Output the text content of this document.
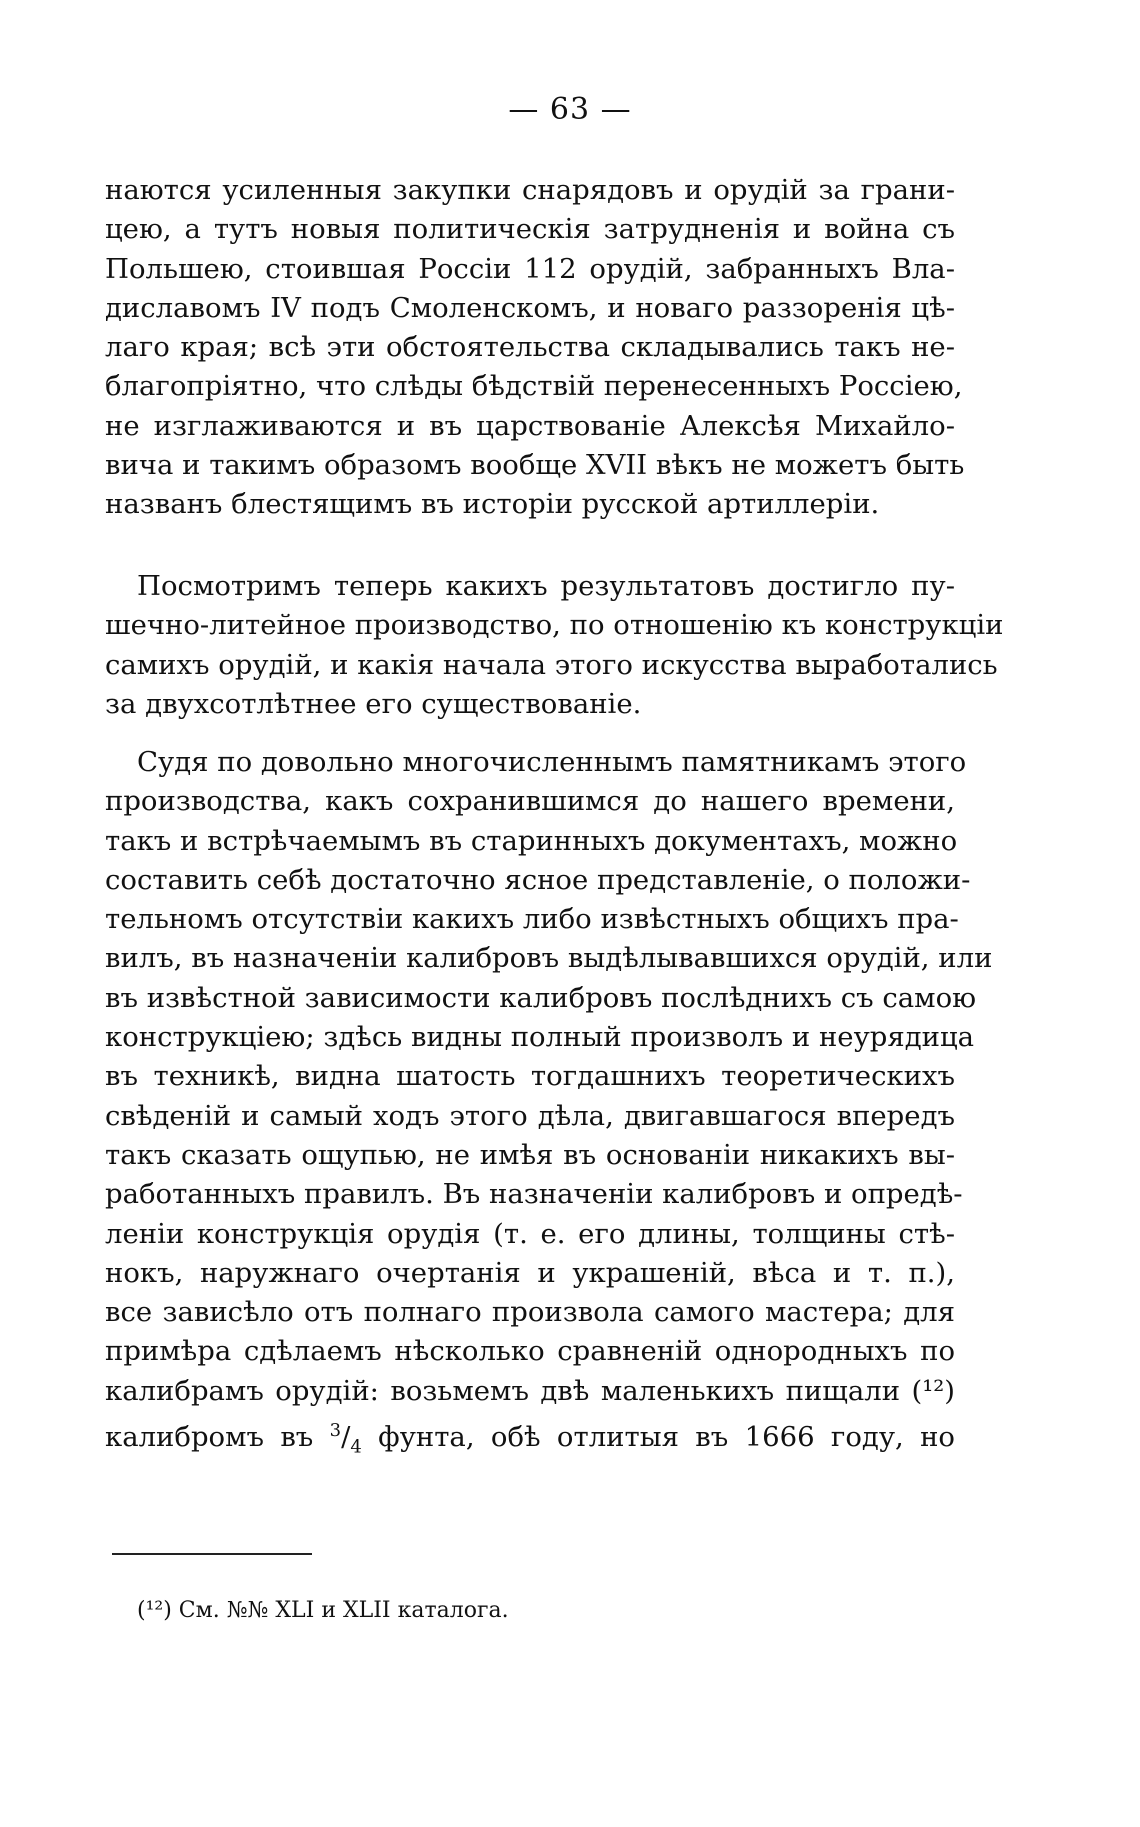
— 63 —
наются усиленныя закупки снарядовъ и орудій за грани-
цею, а тутъ новыя политическія затрудненія и война съ
Польшею, стоившая Россіи 112 орудій, забранныхъ Вла-
диславомъ IV подъ Смоленскомъ, и новаго раззоренія цѣ-
лаго края; всѣ эти обстоятельства складывались такъ не-
благопріятно, что слѣды бѣдствій перенесенныхъ Россіею,
не изглаживаются и въ царствованіе Алексѣя Михайло-
вича и такимъ образомъ вообще XVII вѣкъ не можетъ быть
названъ блестящимъ въ исторіи русской артиллеріи.
Посмотримъ теперь какихъ результатовъ достигло пу-
шечно-литейное производство, по отношенію къ конструкціи
самихъ орудій, и какія начала этого искусства выработались
за двухсотлѣтнее его существованіе.
Судя по довольно многочисленнымъ памятникамъ этого
производства, какъ сохранившимся до нашего времени,
такъ и встрѣчаемымъ въ старинныхъ документахъ, можно
составить себѣ достаточно ясное представленіе, о положи-
тельномъ отсутствіи какихъ либо извѣстныхъ общихъ пра-
вилъ, въ назначеніи калибровъ выдѣлывавшихся орудій, или
въ извѣстной зависимости калибровъ послѣднихъ съ самою
конструкціею; здѣсь видны полный произволъ и неурядица
въ техникѣ, видна шатость тогдашнихъ теоретическихъ
свѣденій и самый ходъ этого дѣла, двигавшагося впередъ
такъ сказать ощупью, не имѣя въ основаніи никакихъ вы-
работанныхъ правилъ. Въ назначеніи калибровъ и опредѣ-
леніи конструкція орудія (т. е. его длины, толщины стѣ-
нокъ, наружнаго очертанія и украшеній, вѣса и т. п.),
все зависѣло отъ полнаго произвола самого мастера; для
примѣра сдѣлаемъ нѣсколько сравненій однородныхъ по
калибрамъ орудій: возьмемъ двѣ маленькихъ пищали (¹²)
калибромъ въ $^3/_4$ фунта, обѣ отлитыя въ 1666 году, но
(¹²) См. №№ XLI и XLII каталога.
